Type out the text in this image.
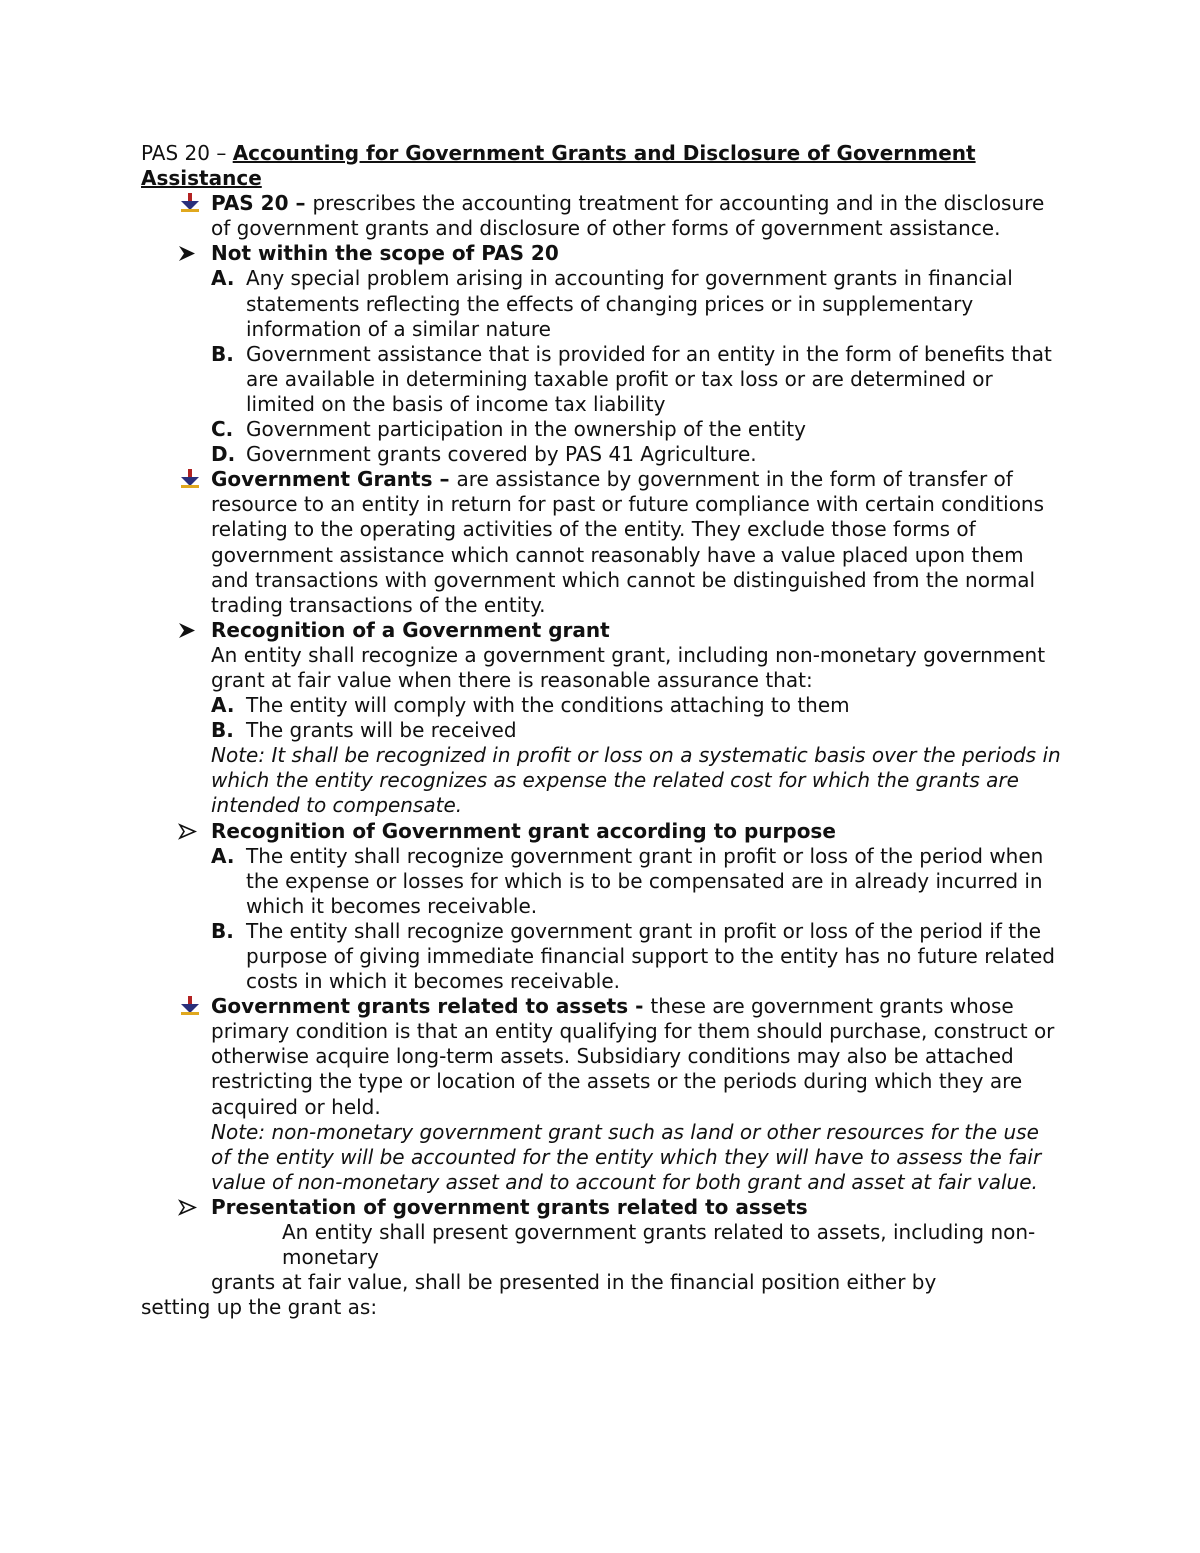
PAS 20 – Accounting for Government Grants and Disclosure of Government Assistance
PAS 20 – prescribes the accounting treatment for accounting and in the disclosure of government grants and disclosure of other forms of government assistance.
Not within the scope of PAS 20
A. Any special problem arising in accounting for government grants in financial statements reflecting the effects of changing prices or in supplementary information of a similar nature
B. Government assistance that is provided for an entity in the form of benefits that are available in determining taxable profit or tax loss or are determined or limited on the basis of income tax liability
C. Government participation in the ownership of the entity
D. Government grants covered by PAS 41 Agriculture.
Government Grants – are assistance by government in the form of transfer of resource to an entity in return for past or future compliance with certain conditions relating to the operating activities of the entity. They exclude those forms of government assistance which cannot reasonably have a value placed upon them and transactions with government which cannot be distinguished from the normal trading transactions of the entity.
Recognition of a Government grant
An entity shall recognize a government grant, including non-monetary government grant at fair value when there is reasonable assurance that:
A. The entity will comply with the conditions attaching to them
B. The grants will be received
Note: It shall be recognized in profit or loss on a systematic basis over the periods in which the entity recognizes as expense the related cost for which the grants are intended to compensate.
Recognition of Government grant according to purpose
A. The entity shall recognize government grant in profit or loss of the period when the expense or losses for which is to be compensated are in already incurred in which it becomes receivable.
B. The entity shall recognize government grant in profit or loss of the period if the purpose of giving immediate financial support to the entity has no future related costs in which it becomes receivable.
Government grants related to assets - these are government grants whose primary condition is that an entity qualifying for them should purchase, construct or otherwise acquire long-term assets. Subsidiary conditions may also be attached restricting the type or location of the assets or the periods during which they are acquired or held.
Note: non-monetary government grant such as land or other resources for the use of the entity will be accounted for the entity which they will have to assess the fair value of non-monetary asset and to account for both grant and asset at fair value.
Presentation of government grants related to assets
An entity shall present government grants related to assets, including non-monetary
grants at fair value, shall be presented in the financial position either by
setting up the grant as:
